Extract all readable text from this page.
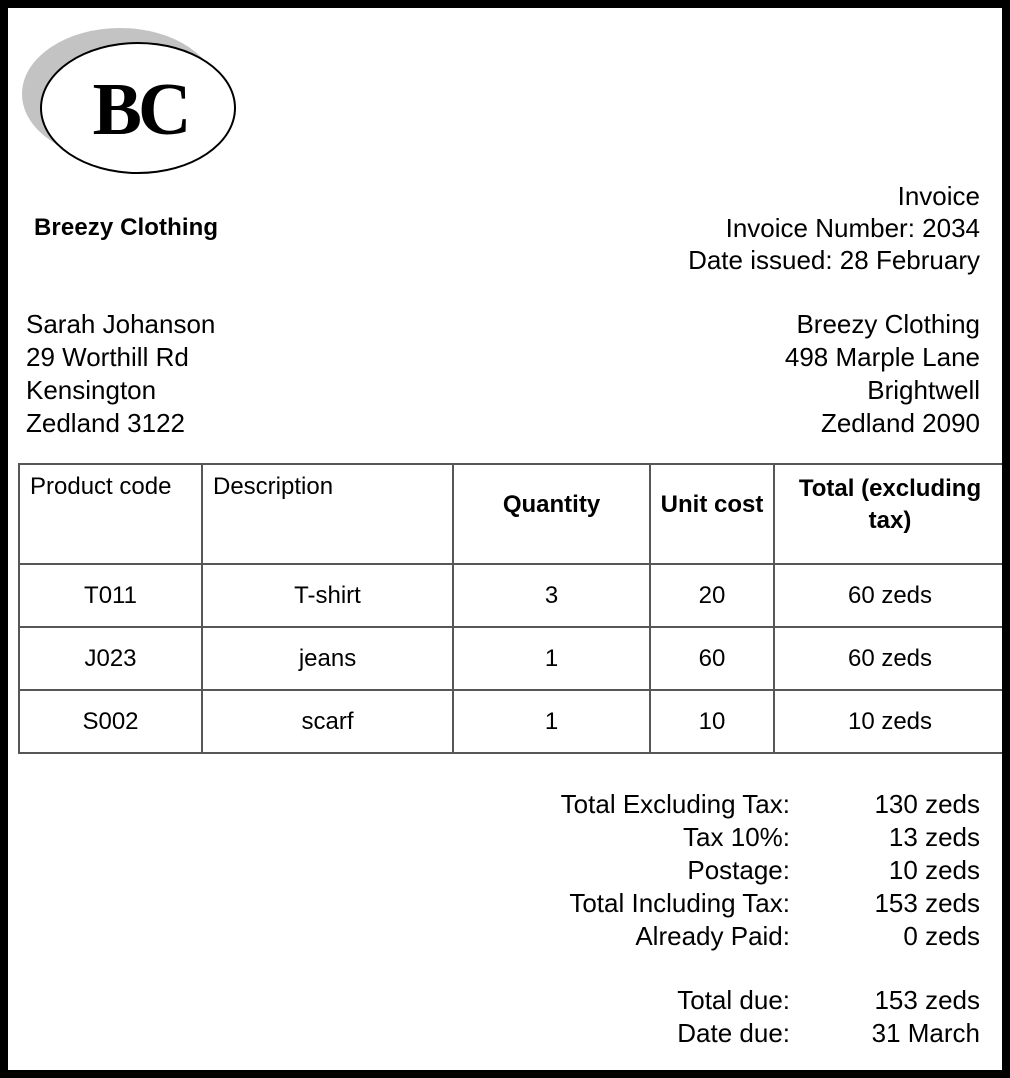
BC
Breezy Clothing
Invoice
Invoice Number: 2034
Date issued: 28 February
Sarah Johanson
29 Worthill Rd
Kensington
Zedland 3122
Breezy Clothing
498 Marple Lane
Brightwell
Zedland 2090
Product code	Description	Quantity	Unit cost	Total (excluding tax)
T011	T-shirt	3	20	60 zeds
J023	jeans	1	60	60 zeds
S002	scarf	1	10	10 zeds
Total Excluding Tax:	130 zeds
Tax 10%:	13 zeds
Postage:	10 zeds
Total Including Tax:	153 zeds
Already Paid:	0 zeds

Total due:	153 zeds
Date due:	31 March
